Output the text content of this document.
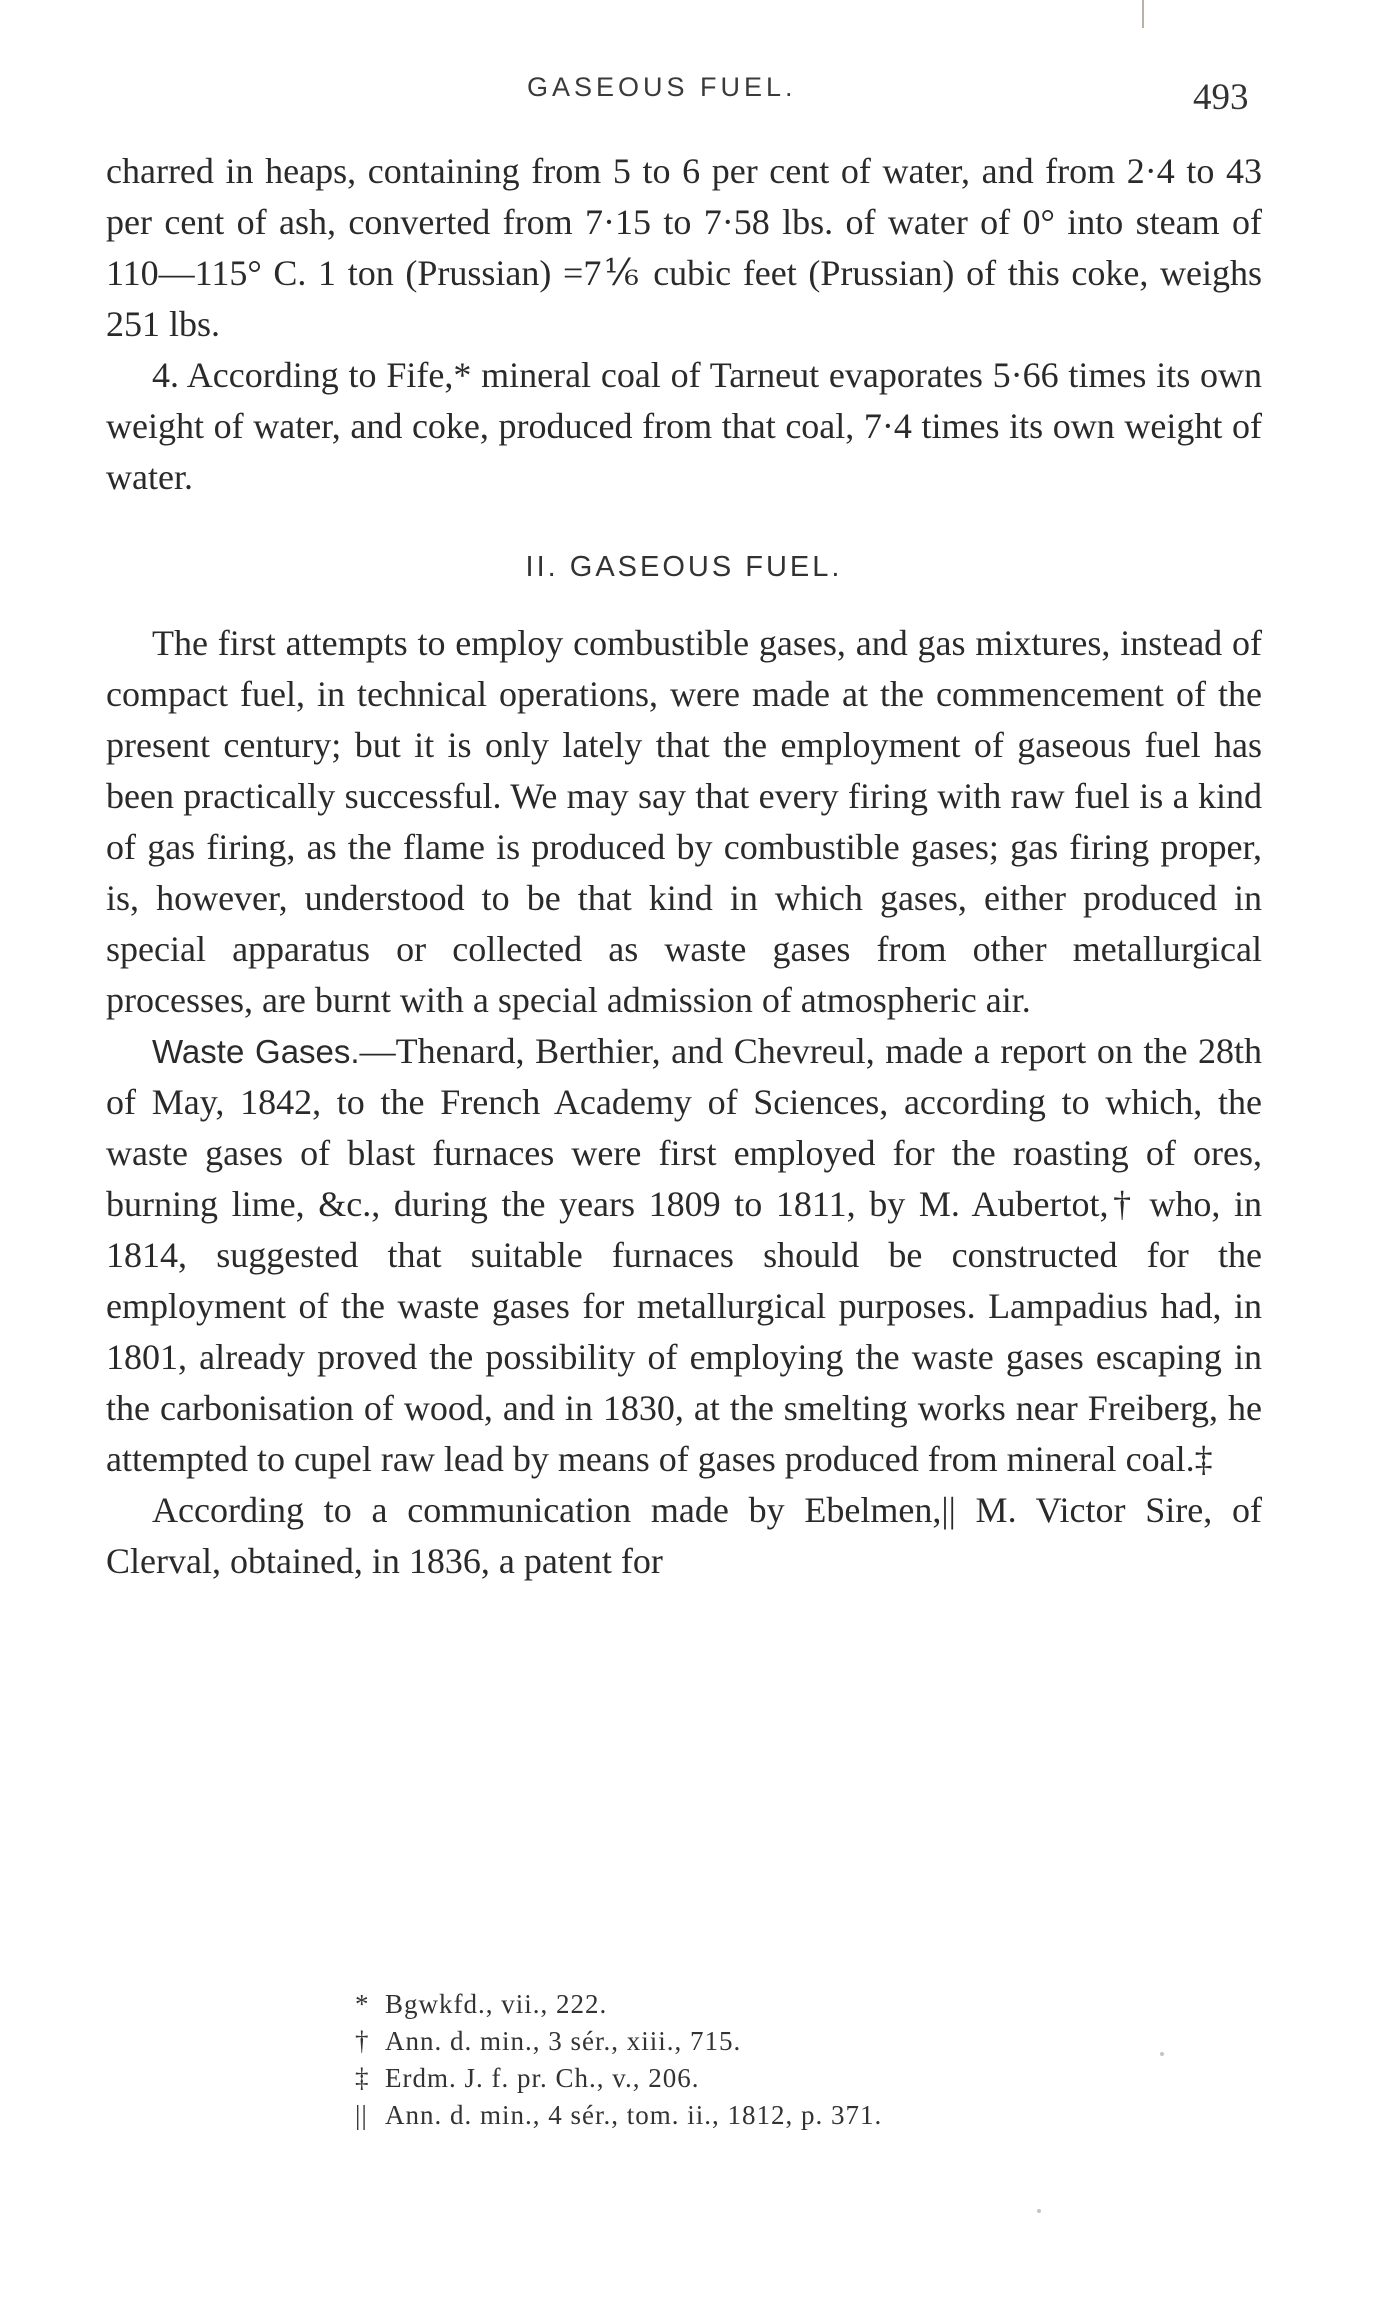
GASEOUS FUEL.	493

charred in heaps, containing from 5 to 6 per cent of water, and from 2·4 to 43 per cent of ash, converted from 7·15 to 7·58 lbs. of water of 0° into steam of 110—115° C. 1 ton (Prussian) =7⅙ cubic feet (Prussian) of this coke, weighs 251 lbs.

4. According to Fife,* mineral coal of Tarneut evaporates 5·66 times its own weight of water, and coke, produced from that coal, 7·4 times its own weight of water.

II. GASEOUS FUEL.

The first attempts to employ combustible gases, and gas mixtures, instead of compact fuel, in technical operations, were made at the commencement of the present century; but it is only lately that the employment of gaseous fuel has been practically successful. We may say that every firing with raw fuel is a kind of gas firing, as the flame is produced by combustible gases; gas firing proper, is, however, understood to be that kind in which gases, either produced in special apparatus or collected as waste gases from other metallurgical processes, are burnt with a special admission of atmospheric air.

Waste Gases.—Thenard, Berthier, and Chevreul, made a report on the 28th of May, 1842, to the French Academy of Sciences, according to which, the waste gases of blast furnaces were first employed for the roasting of ores, burning lime, &c., during the years 1809 to 1811, by M. Aubertot,† who, in 1814, suggested that suitable furnaces should be constructed for the employment of the waste gases for metallurgical purposes. Lampadius had, in 1801, already proved the possibility of employing the waste gases escaping in the carbonisation of wood, and in 1830, at the smelting works near Freiberg, he attempted to cupel raw lead by means of gases produced from mineral coal.‡

According to a communication made by Ebelmen,|| M. Victor Sire, of Clerval, obtained, in 1836, a patent for

* Bgwkfd., vii., 222.
† Ann. d. min., 3 sér., xiii., 715.
‡ Erdm. J. f. pr. Ch., v., 206.
|| Ann. d. min., 4 sér., tom. ii., 1812, p. 371.
